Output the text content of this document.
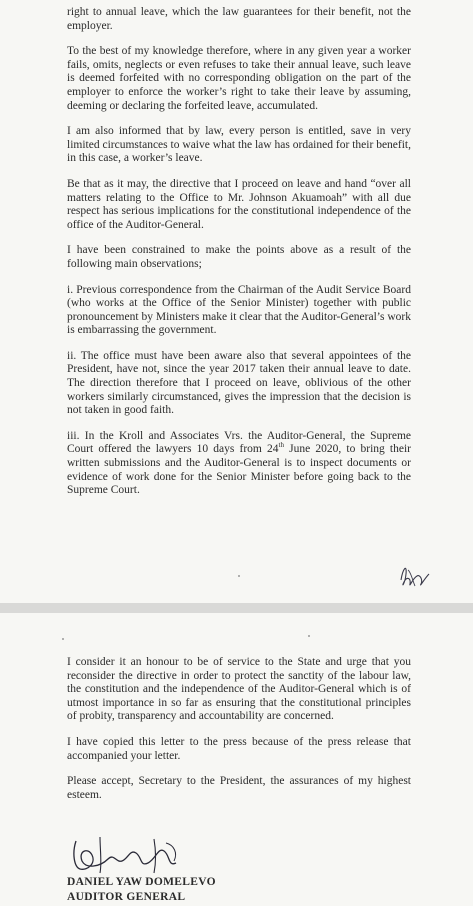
right to annual leave, which the law guarantees for their benefit, not the employer.

To the best of my knowledge therefore, where in any given year a worker fails, omits, neglects or even refuses to take their annual leave, such leave is deemed forfeited with no corresponding obligation on the part of the employer to enforce the worker’s right to take their leave by assuming, deeming or declaring the forfeited leave, accumulated.

I am also informed that by law, every person is entitled, save in very limited circumstances to waive what the law has ordained for their benefit, in this case, a worker’s leave.

Be that as it may, the directive that I proceed on leave and hand “over all matters relating to the Office to Mr. Johnson Akuamoah” with all due respect has serious implications for the constitutional independence of the office of the Auditor-General.

I have been constrained to make the points above as a result of the following main observations;

i. Previous correspondence from the Chairman of the Audit Service Board (who works at the Office of the Senior Minister) together with public pronouncement by Ministers make it clear that the Auditor-General’s work is embarrassing the government.

ii. The office must have been aware also that several appointees of the President, have not, since the year 2017 taken their annual leave to date. The direction therefore that I proceed on leave, oblivious of the other workers similarly circumstanced, gives the impression that the decision is not taken in good faith.

iii. In the Kroll and Associates Vrs. the Auditor-General, the Supreme Court offered the lawyers 10 days from 24th June 2020, to bring their written submissions and the Auditor-General is to inspect documents or evidence of work done for the Senior Minister before going back to the Supreme Court.

I consider it an honour to be of service to the State and urge that you reconsider the directive in order to protect the sanctity of the labour law, the constitution and the independence of the Auditor-General which is of utmost importance in so far as ensuring that the constitutional principles of probity, transparency and accountability are concerned.

I have copied this letter to the press because of the press release that accompanied your letter.

Please accept, Secretary to the President, the assurances of my highest esteem.

DANIEL YAW DOMELEVO
AUDITOR GENERAL
